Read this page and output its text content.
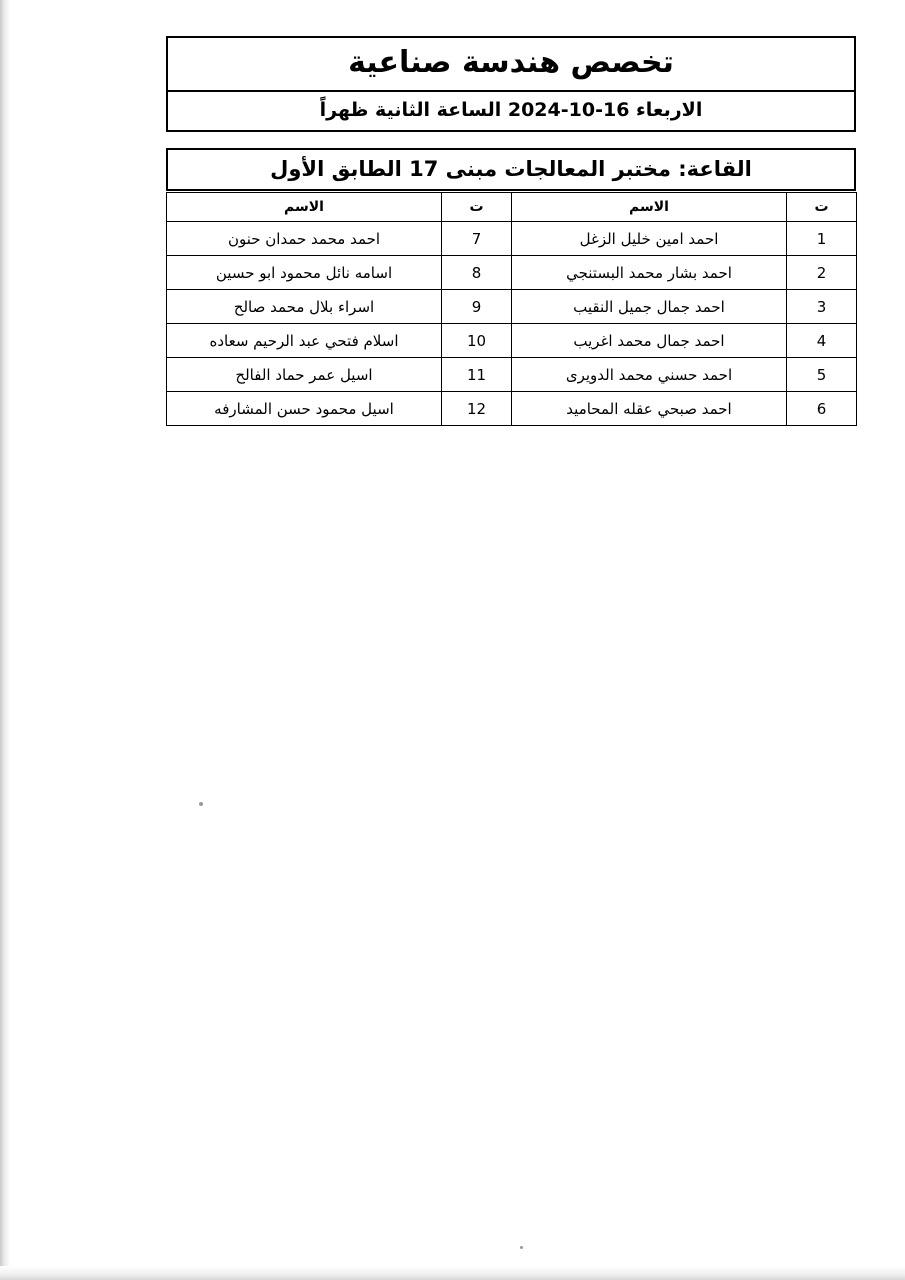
تخصص هندسة صناعية
الاربعاء 16-10-2024 الساعة الثانية ظهراً
القاعة: مختبر المعالجات مبنى 17 الطابق الأول
ت	الاسم	ت	الاسم
1	احمد امين خليل الزغل	7	احمد محمد حمدان حنون
2	احمد بشار محمد البستنجي	8	اسامه نائل محمود ابو حسين
3	احمد جمال جميل النقيب	9	اسراء بلال محمد صالح
4	احمد جمال محمد اغريب	10	اسلام فتحي عبد الرحيم سعاده
5	احمد حسني محمد الدويرى	11	اسيل عمر حماد الفالح
6	احمد صبحي عقله المحاميد	12	اسيل محمود حسن المشارفه
